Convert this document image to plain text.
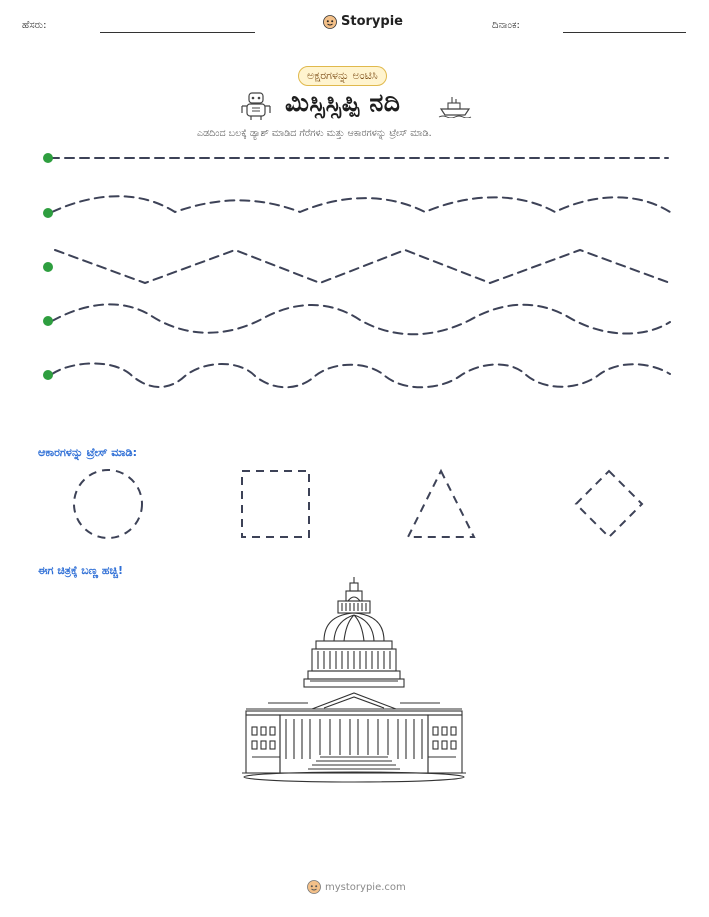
ಹೆಸರು:	Storypie	ದಿನಾಂಕ:
ಅಕ್ಷರಗಳನ್ನು ಅಂಟಿಸಿ
ಮಿಸ್ಸಿಸ್ಸಿಪ್ಪಿ ನದಿ
ಎಡದಿಂದ ಬಲಕ್ಕೆ ಡ್ಯಾಶ್ ಮಾಡಿದ ಗೆರೆಗಳು ಮತ್ತು ಆಕಾರಗಳನ್ನು ಟ್ರೇಸ್ ಮಾಡಿ.
ಆಕಾರಗಳನ್ನು ಟ್ರೇಸ್ ಮಾಡಿ:
ಈಗ ಚಿತ್ರಕ್ಕೆ ಬಣ್ಣ ಹಚ್ಚಿ!
mystorypie.com
